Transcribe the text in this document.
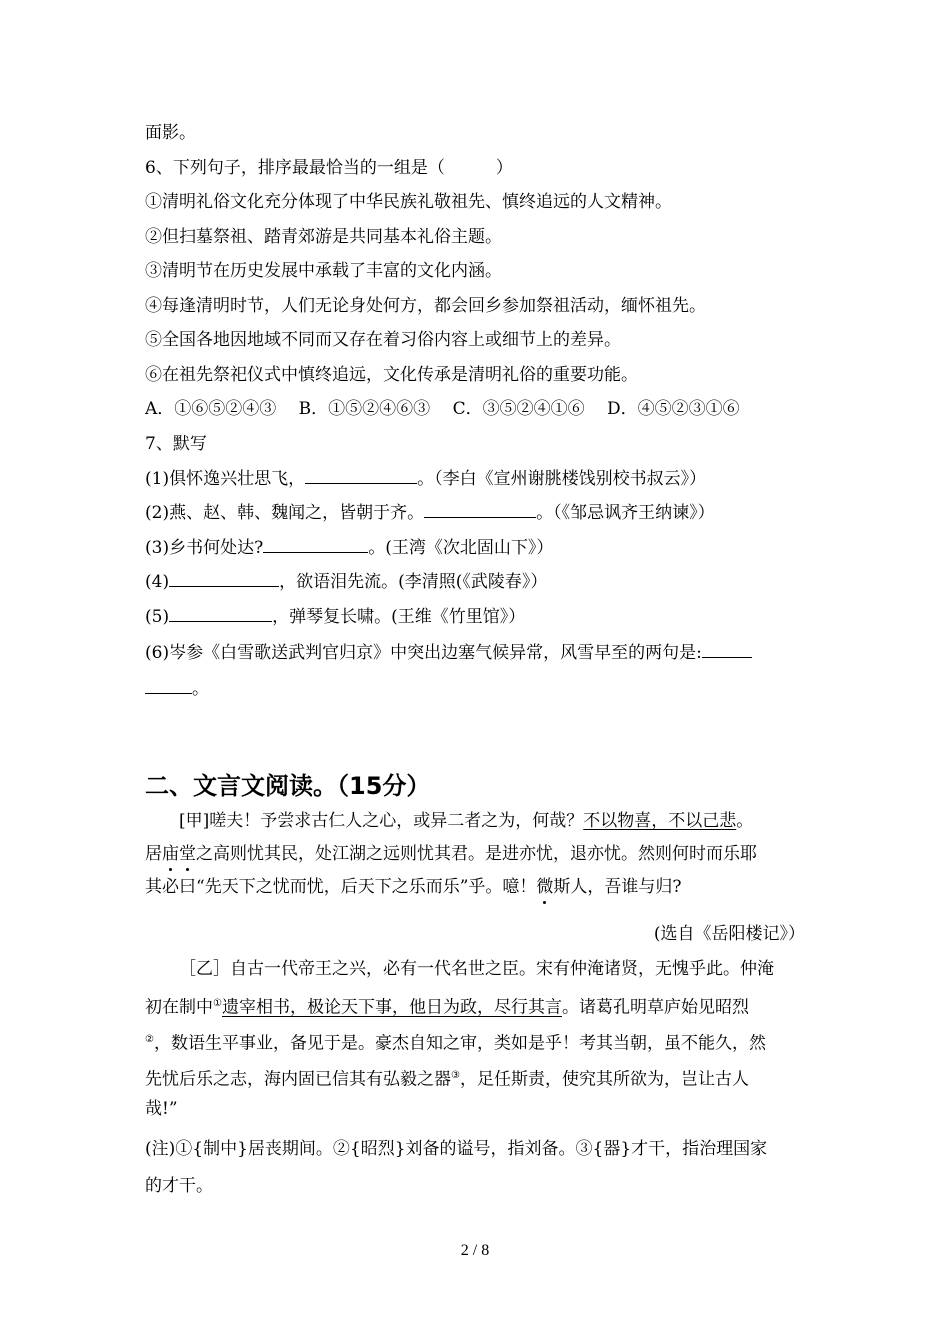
面影。
6、下列句子，排序最最恰当的一组是（　　　）
①清明礼俗文化充分体现了中华民族礼敬祖先、慎终追远的人文精神。
②但扫墓祭祖、踏青郊游是共同基本礼俗主题。
③清明节在历史发展中承载了丰富的文化内涵。
④每逢清明时节，人们无论身处何方，都会回乡参加祭祖活动，缅怀祖先。
⑤全国各地因地域不同而又存在着习俗内容上或细节上的差异。
⑥在祖先祭祀仪式中慎终追远，文化传承是清明礼俗的重要功能。
A．①⑥⑤②④③　 B．①⑤②④⑥③　 C．③⑤②④①⑥　 D．④⑤②③①⑥
7、默写
(1)俱怀逸兴壮思飞，	。（李白《宣州谢朓楼饯别校书叔云》）
(2)燕、赵、韩、魏闻之，皆朝于齐。	。（《邹忌讽齐王纳谏》）
(3)乡书何处达?	。(王湾《次北固山下》）
(4)	，欲语泪先流。(李清照(《武陵春》）
(5)	，弹琴复长啸。(王维《竹里馆》）
(6)岑参《白雪歌送武判官归京》中突出边塞气候异常，风雪早至的两句是:
。
二、文言文阅读。（15分）
[甲]嗟夫！予尝求古仁人之心，或异二者之为，何哉？不以物喜，不以己悲。
居庙堂之高则忧其民，处江湖之远则忧其君。是进亦忧，退亦忧。然则何时而乐耶
其必曰“先天下之忧而忧，后天下之乐而乐”乎。噫！微斯人，吾谁与归?
(选自《岳阳楼记》）
［乙］自古一代帝王之兴，必有一代名世之臣。宋有仲淹诸贤，无愧乎此。仲淹
初在制中①遗宰相书，极论天下事，他日为政，尽行其言。诸葛孔明草庐始见昭烈
②，数语生平事业，备见于是。豪杰自知之审，类如是乎！考其当朝，虽不能久，然
先忧后乐之志，海内固已信其有弘毅之器③，足任斯责，使究其所欲为，岂让古人
哉!”
(注)①{制中}居丧期间。②{昭烈}刘备的谥号，指刘备。③{器}才干，指治理国家
的才干。
2 / 8
